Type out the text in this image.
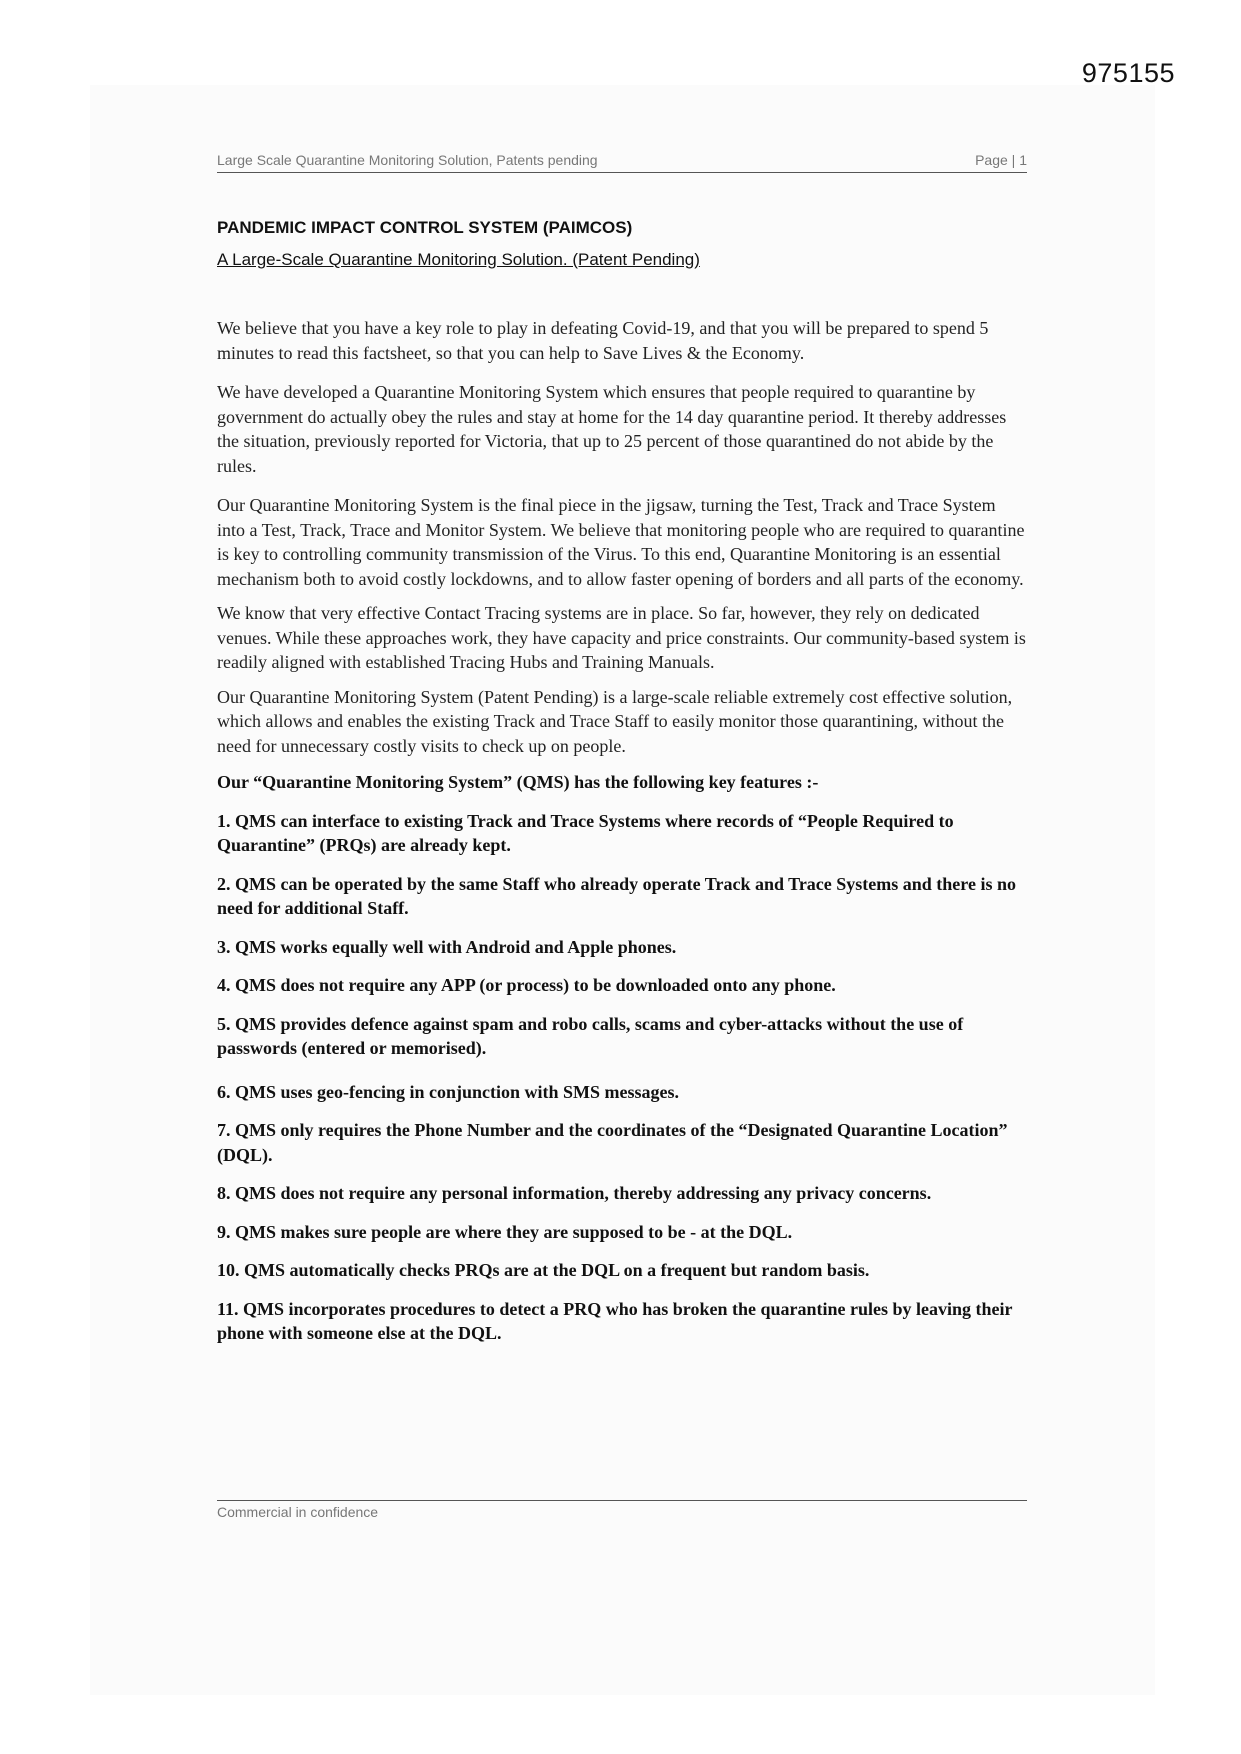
975155
Large Scale Quarantine Monitoring Solution, Patents pending	Page | 1
PANDEMIC IMPACT CONTROL SYSTEM (PAIMCOS)

A Large-Scale Quarantine Monitoring Solution. (Patent Pending)

We believe that you have a key role to play in defeating Covid-19, and that you will be prepared to spend 5 minutes to read this factsheet, so that you can help to Save Lives & the Economy.

We have developed a Quarantine Monitoring System which ensures that people required to quarantine by government do actually obey the rules and stay at home for the 14 day quarantine period. It thereby addresses the situation, previously reported for Victoria, that up to 25 percent of those quarantined do not abide by the rules.

Our Quarantine Monitoring System is the final piece in the jigsaw, turning the Test, Track and Trace System into a Test, Track, Trace and Monitor System. We believe that monitoring people who are required to quarantine is key to controlling community transmission of the Virus. To this end, Quarantine Monitoring is an essential mechanism both to avoid costly lockdowns, and to allow faster opening of borders and all parts of the economy.

We know that very effective Contact Tracing systems are in place. So far, however, they rely on dedicated venues. While these approaches work, they have capacity and price constraints. Our community-based system is readily aligned with established Tracing Hubs and Training Manuals.

Our Quarantine Monitoring System (Patent Pending) is a large-scale reliable extremely cost effective solution, which allows and enables the existing Track and Trace Staff to easily monitor those quarantining, without the need for unnecessary costly visits to check up on people.

Our “Quarantine Monitoring System” (QMS) has the following key features :-

1. QMS can interface to existing Track and Trace Systems where records of “People Required to Quarantine” (PRQs) are already kept.

2. QMS can be operated by the same Staff who already operate Track and Trace Systems and there is no need for additional Staff.

3. QMS works equally well with Android and Apple phones.

4. QMS does not require any APP (or process) to be downloaded onto any phone.

5. QMS provides defence against spam and robo calls, scams and cyber-attacks without the use of passwords (entered or memorised).

6. QMS uses geo-fencing in conjunction with SMS messages.

7. QMS only requires the Phone Number and the coordinates of the “Designated Quarantine Location” (DQL).

8. QMS does not require any personal information, thereby addressing any privacy concerns.

9. QMS makes sure people are where they are supposed to be - at the DQL.

10. QMS automatically checks PRQs are at the DQL on a frequent but random basis.

11. QMS incorporates procedures to detect a PRQ who has broken the quarantine rules by leaving their phone with someone else at the DQL.

Commercial in confidence
